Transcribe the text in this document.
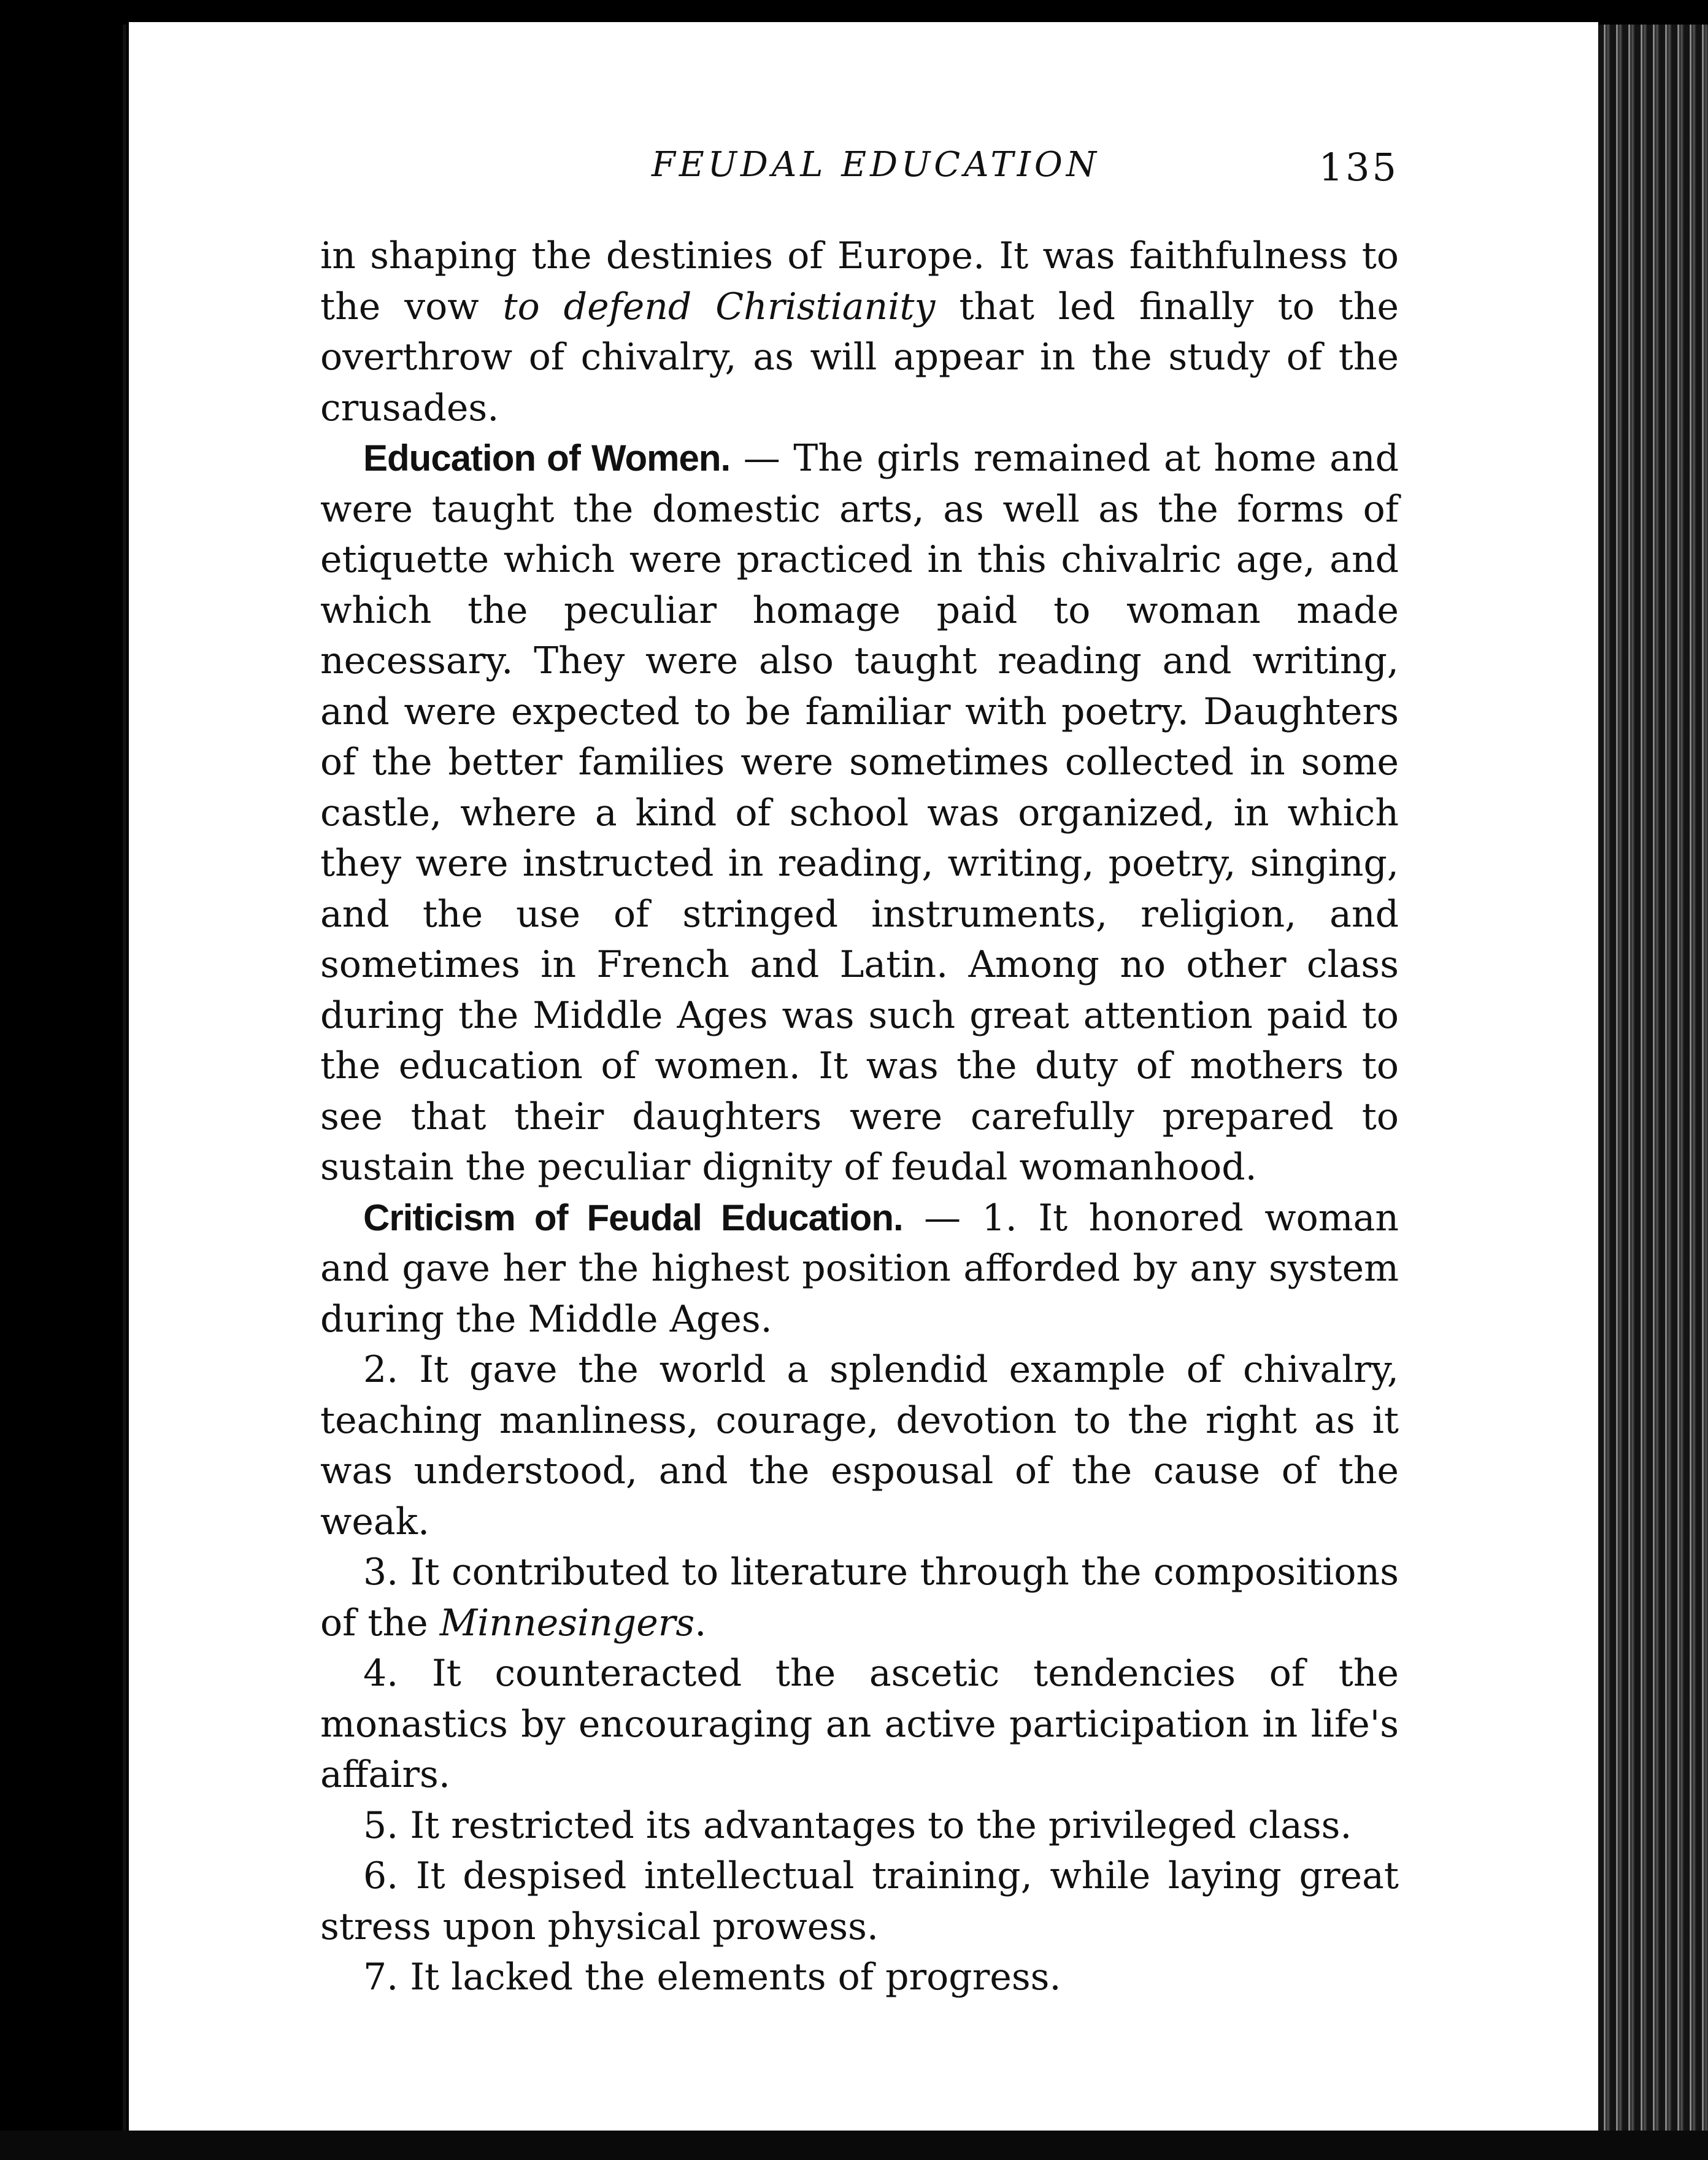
FEUDAL EDUCATION	135

in shaping the destinies of Europe. It was faithfulness to the vow to defend Christianity that led finally to the overthrow of chivalry, as will appear in the study of the crusades.

Education of Women. — The girls remained at home and were taught the domestic arts, as well as the forms of etiquette which were practiced in this chivalric age, and which the peculiar homage paid to woman made necessary. They were also taught reading and writing, and were expected to be familiar with poetry. Daughters of the better families were sometimes collected in some castle, where a kind of school was organized, in which they were instructed in reading, writing, poetry, singing, and the use of stringed instruments, religion, and sometimes in French and Latin. Among no other class during the Middle Ages was such great attention paid to the education of women. It was the duty of mothers to see that their daughters were carefully prepared to sustain the peculiar dignity of feudal womanhood.

Criticism of Feudal Education. — 1. It honored woman and gave her the highest position afforded by any system during the Middle Ages.

2. It gave the world a splendid example of chivalry, teaching manliness, courage, devotion to the right as it was understood, and the espousal of the cause of the weak.

3. It contributed to literature through the compositions of the Minnesingers.

4. It counteracted the ascetic tendencies of the monastics by encouraging an active participation in life's affairs.

5. It restricted its advantages to the privileged class.

6. It despised intellectual training, while laying great stress upon physical prowess.

7. It lacked the elements of progress.
